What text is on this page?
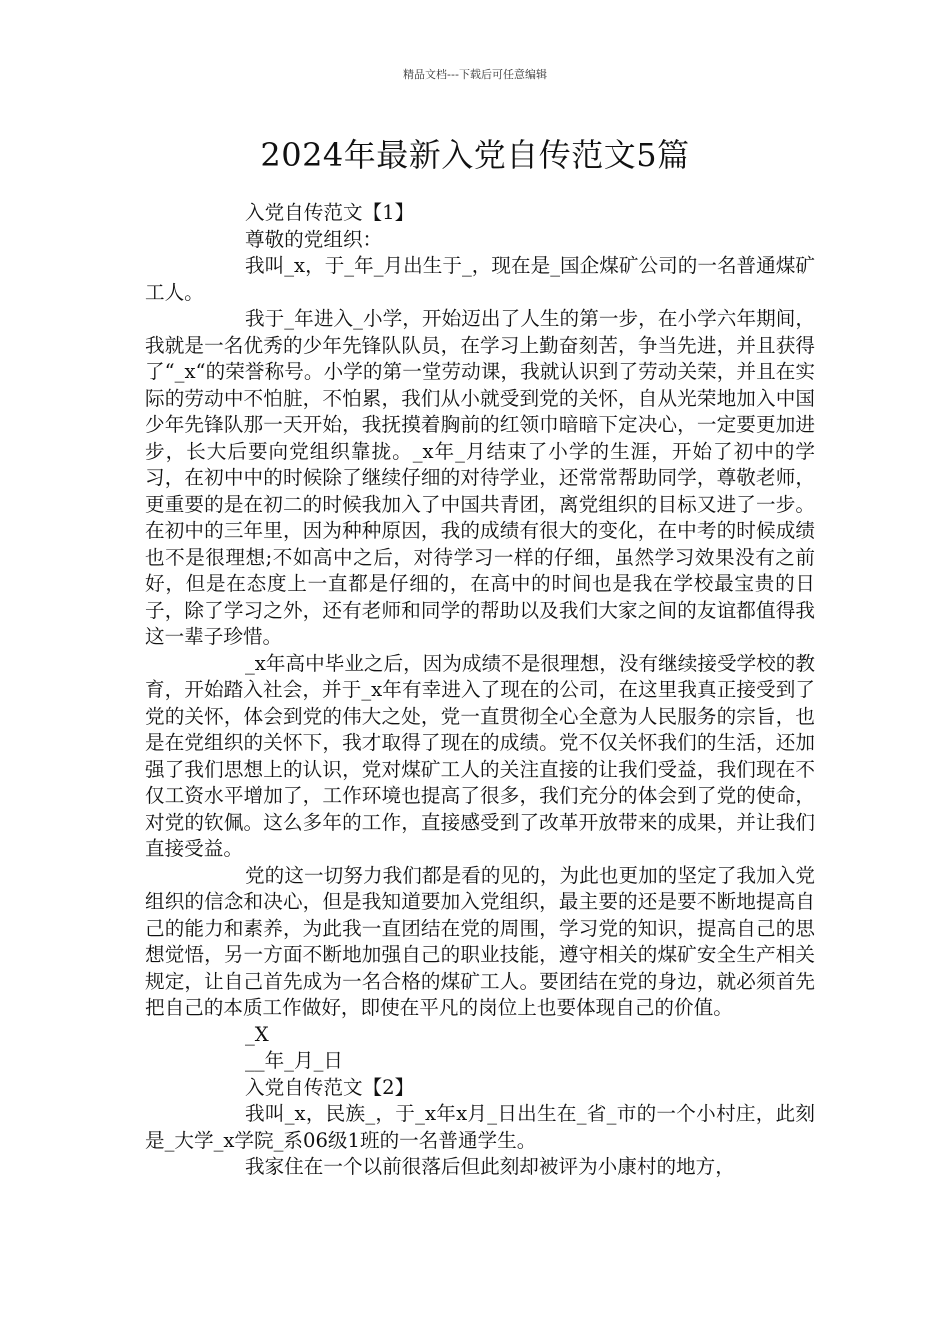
精品文档---下载后可任意编辑
2024年最新入党自传范文5篇

入党自传范文【1】

尊敬的党组织：

我叫_x，于_年_月出生于_，现在是_国企煤矿公司的一名普通煤矿工人。

我于_年进入_小学，开始迈出了人生的第一步，在小学六年期间，我就是一名优秀的少年先锋队队员，在学习上勤奋刻苦，争当先进，并且获得了“_x“的荣誉称号。小学的第一堂劳动课，我就认识到了劳动关荣，并且在实际的劳动中不怕脏，不怕累，我们从小就受到党的关怀，自从光荣地加入中国少年先锋队那一天开始，我抚摸着胸前的红领巾暗暗下定决心，一定要更加进步，长大后要向党组织靠拢。_x年_月结束了小学的生涯，开始了初中的学习，在初中中的时候除了继续仔细的对待学业，还常常帮助同学，尊敬老师，更重要的是在初二的时候我加入了中国共青团，离党组织的目标又进了一步。在初中的三年里，因为种种原因，我的成绩有很大的变化，在中考的时候成绩也不是很理想;不如高中之后，对待学习一样的仔细，虽然学习效果没有之前好，但是在态度上一直都是仔细的，在高中的时间也是我在学校最宝贵的日子，除了学习之外，还有老师和同学的帮助以及我们大家之间的友谊都值得我这一辈子珍惜。

_x年高中毕业之后，因为成绩不是很理想，没有继续接受学校的教育，开始踏入社会，并于_x年有幸进入了现在的公司，在这里我真正接受到了党的关怀，体会到党的伟大之处，党一直贯彻全心全意为人民服务的宗旨，也是在党组织的关怀下，我才取得了现在的成绩。党不仅关怀我们的生活，还加强了我们思想上的认识，党对煤矿工人的关注直接的让我们受益，我们现在不仅工资水平增加了，工作环境也提高了很多，我们充分的体会到了党的使命，对党的钦佩。这么多年的工作，直接感受到了改革开放带来的成果，并让我们直接受益。

党的这一切努力我们都是看的见的，为此也更加的坚定了我加入党组织的信念和决心，但是我知道要加入党组织，最主要的还是要不断地提高自己的能力和素养，为此我一直团结在党的周围，学习党的知识，提高自己的思想觉悟，另一方面不断地加强自己的职业技能，遵守相关的煤矿安全生产相关规定，让自己首先成为一名合格的煤矿工人。要团结在党的身边，就必须首先把自己的本质工作做好，即使在平凡的岗位上也要体现自己的价值。

_X

__年_月_日

入党自传范文【2】

我叫_x，民族_，于_x年x月_日出生在_省_市的一个小村庄，此刻是_大学_x学院_系06级1班的一名普通学生。

我家住在一个以前很落后但此刻却被评为小康村的地方，
